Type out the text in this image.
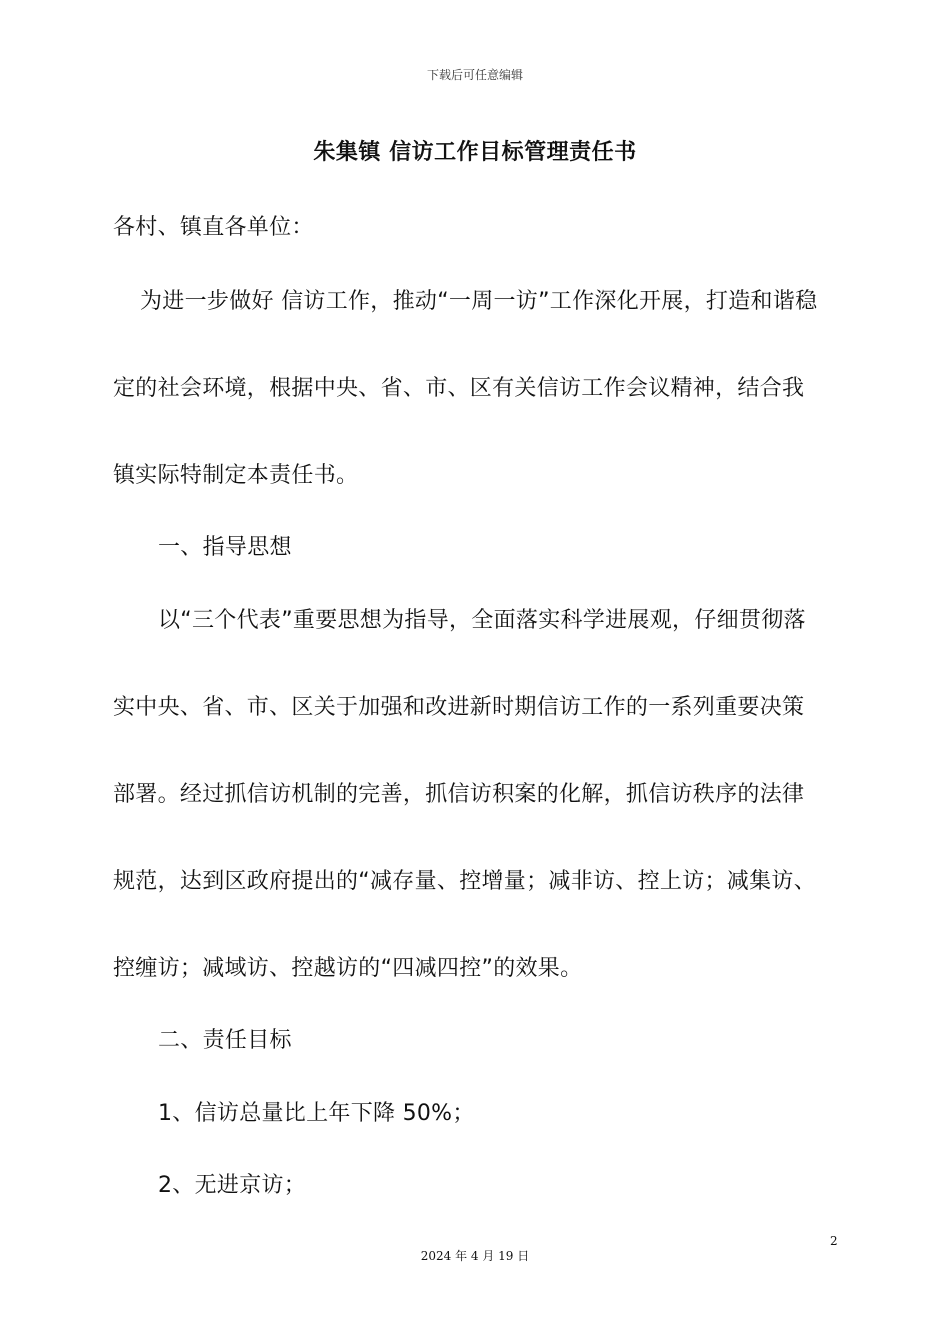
下载后可任意编辑
朱集镇 信访工作目标管理责任书
各村、镇直各单位：
为进一步做好 信访工作，推动“一周一访”工作深化开展，打造和谐稳
定的社会环境，根据中央、省、市、区有关信访工作会议精神，结合我
镇实际特制定本责任书。
一、指导思想
以“三个代表”重要思想为指导，全面落实科学进展观，仔细贯彻落
实中央、省、市、区关于加强和改进新时期信访工作的一系列重要决策
部署。经过抓信访机制的完善，抓信访积案的化解，抓信访秩序的法律
规范，达到区政府提出的“减存量、控增量；减非访、控上访；减集访、
控缠访；减域访、控越访的“四减四控”的效果。
二、责任目标
1、信访总量比上年下降 50%；
2、无进京访；
2
2024 年 4 月 19 日
